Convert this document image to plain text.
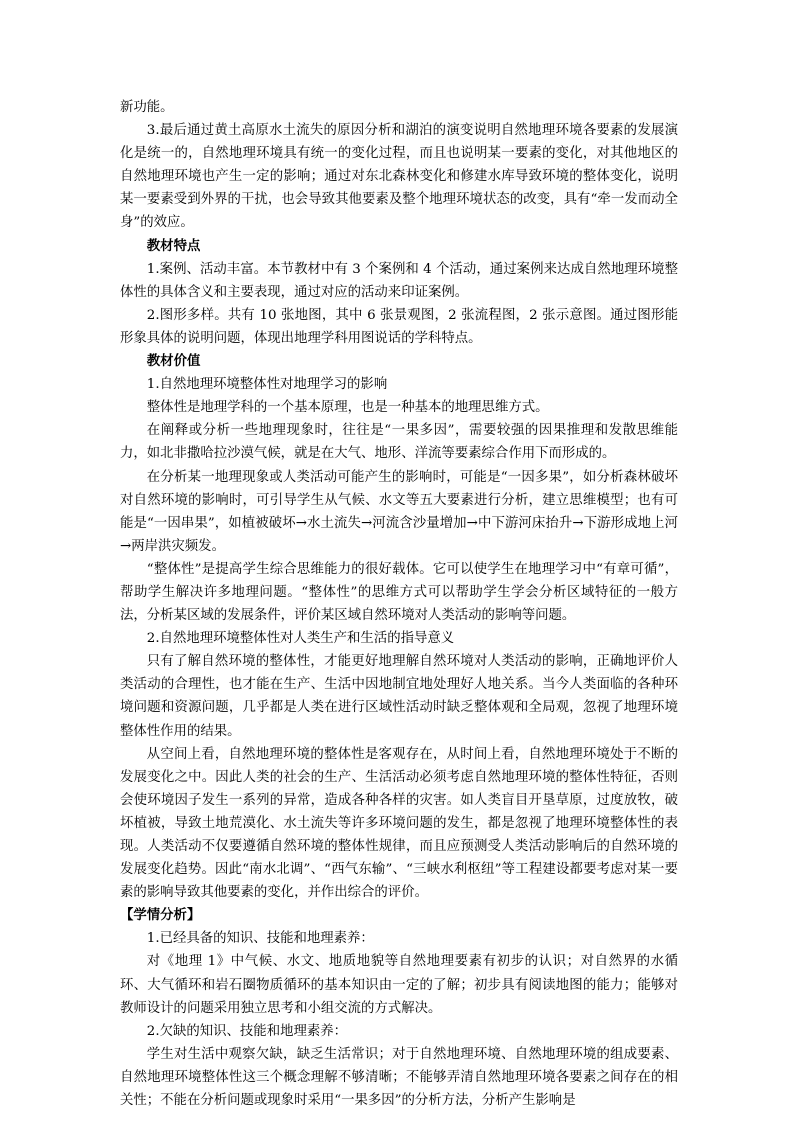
新功能。

3.最后通过黄土高原水土流失的原因分析和湖泊的演变说明自然地理环境各要素的发展演化是统一的，自然地理环境具有统一的变化过程，而且也说明某一要素的变化，对其他地区的自然地理环境也产生一定的影响；通过对东北森林变化和修建水库导致环境的整体变化，说明某一要素受到外界的干扰，也会导致其他要素及整个地理环境状态的改变，具有“牵一发而动全身”的效应。

教材特点

1.案例、活动丰富。本节教材中有 3 个案例和 4 个活动，通过案例来达成自然地理环境整体性的具体含义和主要表现，通过对应的活动来印证案例。

2.图形多样。共有 10 张地图，其中 6 张景观图，2 张流程图，2 张示意图。通过图形能形象具体的说明问题，体现出地理学科用图说话的学科特点。

教材价值

1.自然地理环境整体性对地理学习的影响

整体性是地理学科的一个基本原理，也是一种基本的地理思维方式。

在阐释或分析一些地理现象时，往往是“一果多因”，需要较强的因果推理和发散思维能力，如北非撒哈拉沙漠气候，就是在大气、地形、洋流等要素综合作用下而形成的。

在分析某一地理现象或人类活动可能产生的影响时，可能是“一因多果”，如分析森林破坏对自然环境的影响时，可引导学生从气候、水文等五大要素进行分析，建立思维模型；也有可能是“一因串果”，如植被破坏→水土流失→河流含沙量增加→中下游河床抬升→下游形成地上河→两岸洪灾频发。

“整体性”是提高学生综合思维能力的很好载体。它可以使学生在地理学习中“有章可循”，帮助学生解决许多地理问题。“整体性”的思维方式可以帮助学生学会分析区域特征的一般方法，分析某区域的发展条件，评价某区域自然环境对人类活动的影响等问题。

2.自然地理环境整体性对人类生产和生活的指导意义

只有了解自然环境的整体性，才能更好地理解自然环境对人类活动的影响，正确地评价人类活动的合理性，也才能在生产、生活中因地制宜地处理好人地关系。当今人类面临的各种环境问题和资源问题，几乎都是人类在进行区域性活动时缺乏整体观和全局观，忽视了地理环境整体性作用的结果。

从空间上看，自然地理环境的整体性是客观存在，从时间上看，自然地理环境处于不断的发展变化之中。因此人类的社会的生产、生活活动必须考虑自然地理环境的整体性特征，否则会使环境因子发生一系列的异常，造成各种各样的灾害。如人类盲目开垦草原，过度放牧，破坏植被，导致土地荒漠化、水土流失等许多环境问题的发生，都是忽视了地理环境整体性的表现。人类活动不仅要遵循自然环境的整体性规律，而且应预测受人类活动影响后的自然环境的发展变化趋势。因此“南水北调”、“西气东输”、“三峡水利枢纽”等工程建设都要考虑对某一要素的影响导致其他要素的变化，并作出综合的评价。

【学情分析】

1.已经具备的知识、技能和地理素养：

对《地理 1》中气候、水文、地质地貌等自然地理要素有初步的认识；对自然界的水循环、大气循环和岩石圈物质循环的基本知识由一定的了解；初步具有阅读地图的能力；能够对教师设计的问题采用独立思考和小组交流的方式解决。

2.欠缺的知识、技能和地理素养：

学生对生活中观察欠缺，缺乏生活常识；对于自然地理环境、自然地理环境的组成要素、自然地理环境整体性这三个概念理解不够清晰；不能够弄清自然地理环境各要素之间存在的相关性；不能在分析问题或现象时采用“一果多因”的分析方法，分析产生影响是
